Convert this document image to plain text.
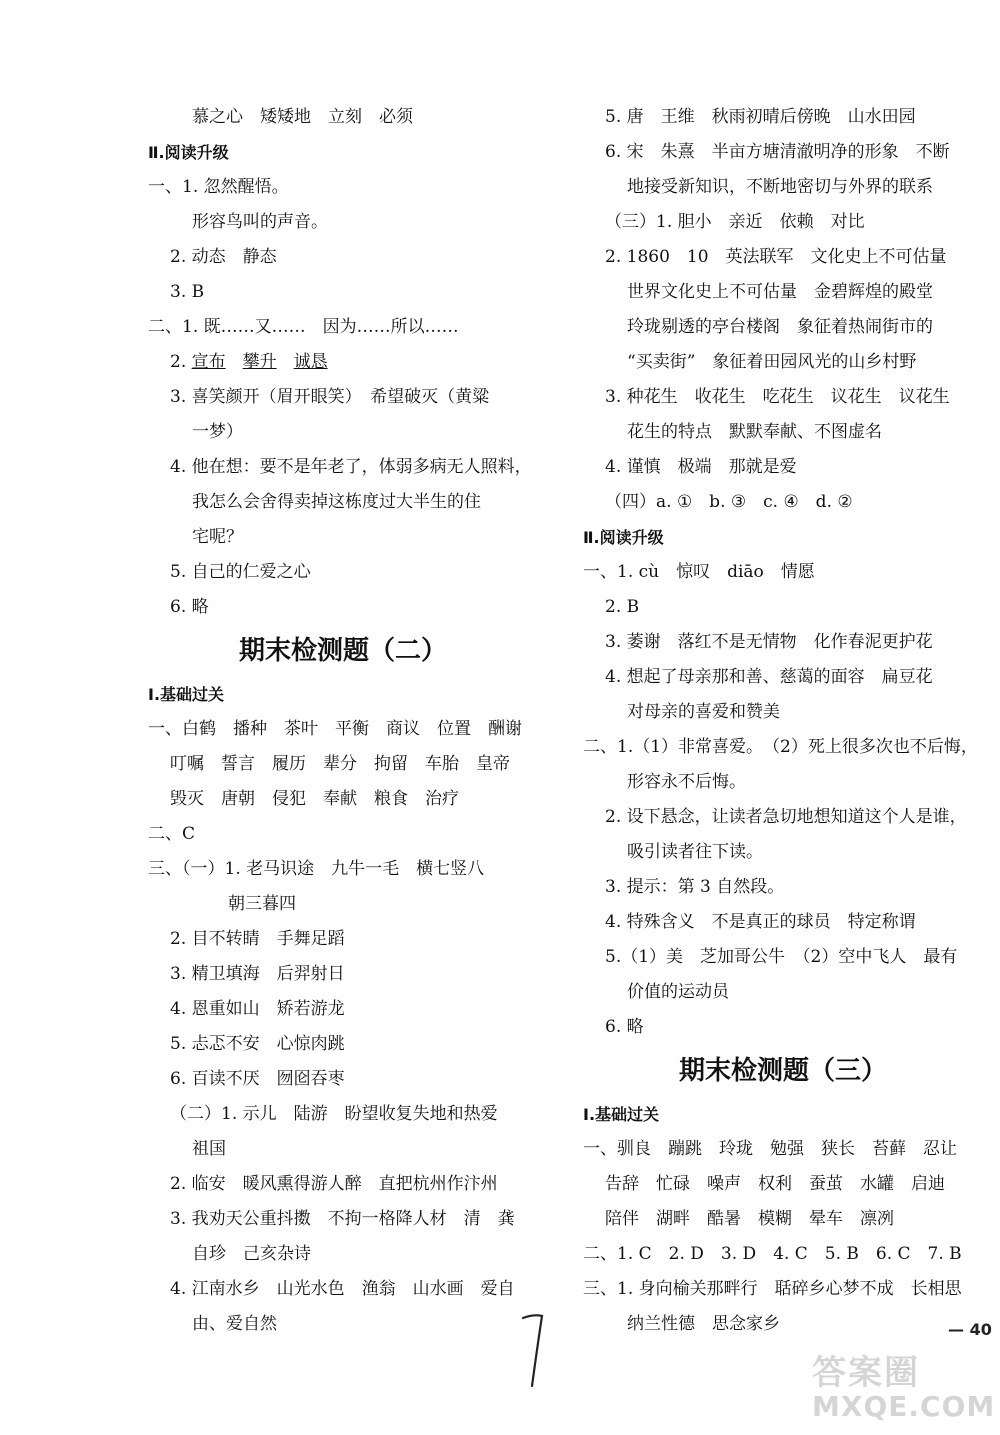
慕之心　矮矮地　立刻　必须
Ⅱ.阅读升级
一、1. 忽然醒悟。
形容鸟叫的声音。
2. 动态　静态
3. B
二、1. 既……又……　因为……所以……
2. 宣布　 攀升　 诚恳
3. 喜笑颜开（眉开眼笑）　希望破灭（黄粱
一梦）
4. 他在想：要不是年老了，体弱多病无人照料，
我怎么会舍得卖掉这栋度过大半生的住
宅呢？
5. 自己的仁爱之心
6. 略
期末检测题（二）
Ⅰ.基础过关
一、白鹤　播种　茶叶　平衡　商议　位置　酬谢
叮嘱　誓言　履历　辈分　拘留　车胎　皇帝
毁灭　唐朝　侵犯　奉献　粮食　治疗
二、C
三、（一）1. 老马识途　九牛一毛　横七竖八
朝三暮四
2. 目不转睛　手舞足蹈
3. 精卫填海　后羿射日
4. 恩重如山　矫若游龙
5. 忐忑不安　心惊肉跳
6. 百读不厌　囫囵吞枣
（二）1. 示儿　陆游　盼望收复失地和热爱
祖国
2. 临安　暖风熏得游人醉　直把杭州作汴州
3. 我劝天公重抖擞　不拘一格降人材　清　龚
自珍　己亥杂诗
4. 江南水乡　山光水色　渔翁　山水画　爱自
由、爱自然
5. 唐　王维　秋雨初晴后傍晚　山水田园
6. 宋　朱熹　半亩方塘清澈明净的形象　不断
地接受新知识，不断地密切与外界的联系
（三）1. 胆小　亲近　依赖　对比
2. 1860　10　英法联军　文化史上不可估量
世界文化史上不可估量　金碧辉煌的殿堂
玲珑剔透的亭台楼阁　象征着热闹街市的
“买卖街”　象征着田园风光的山乡村野
3. 种花生　收花生　吃花生　议花生　议花生
花生的特点　默默奉献、不图虚名
4. 谨慎　极端　那就是爱
（四）a. ①　b. ③　c. ④　d. ②
Ⅱ.阅读升级
一、1. cù　惊叹　diāo　情愿
2. B
3. 萎谢　落红不是无情物　化作春泥更护花
4. 想起了母亲那和善、慈蔼的面容　扁豆花
对母亲的喜爱和赞美
二、1.（1）非常喜爱。　（2）死上很多次也不后悔，
形容永不后悔。
2. 设下悬念，让读者急切地想知道这个人是谁，
吸引读者往下读。
3. 提示：第 3 自然段。
4. 特殊含义　不是真正的球员　特定称谓
5.（1）美　芝加哥公牛　（2）空中飞人　最有
价值的运动员
6. 略
期末检测题（三）
Ⅰ.基础过关
一、驯良　蹦跳　玲珑　勉强　狭长　苔藓　忍让
告辞　忙碌　噪声　权利　蚕茧　水罐　启迪
陪伴　湖畔　酷暑　模糊　晕车　凛冽
二、1. C　2. D　3. D　4. C　5. B　6. C　7. B
三、1. 身向榆关那畔行　聒碎乡心梦不成　长相思
纳兰性德　思念家乡	— 40
答案圈
MXQE.COM
